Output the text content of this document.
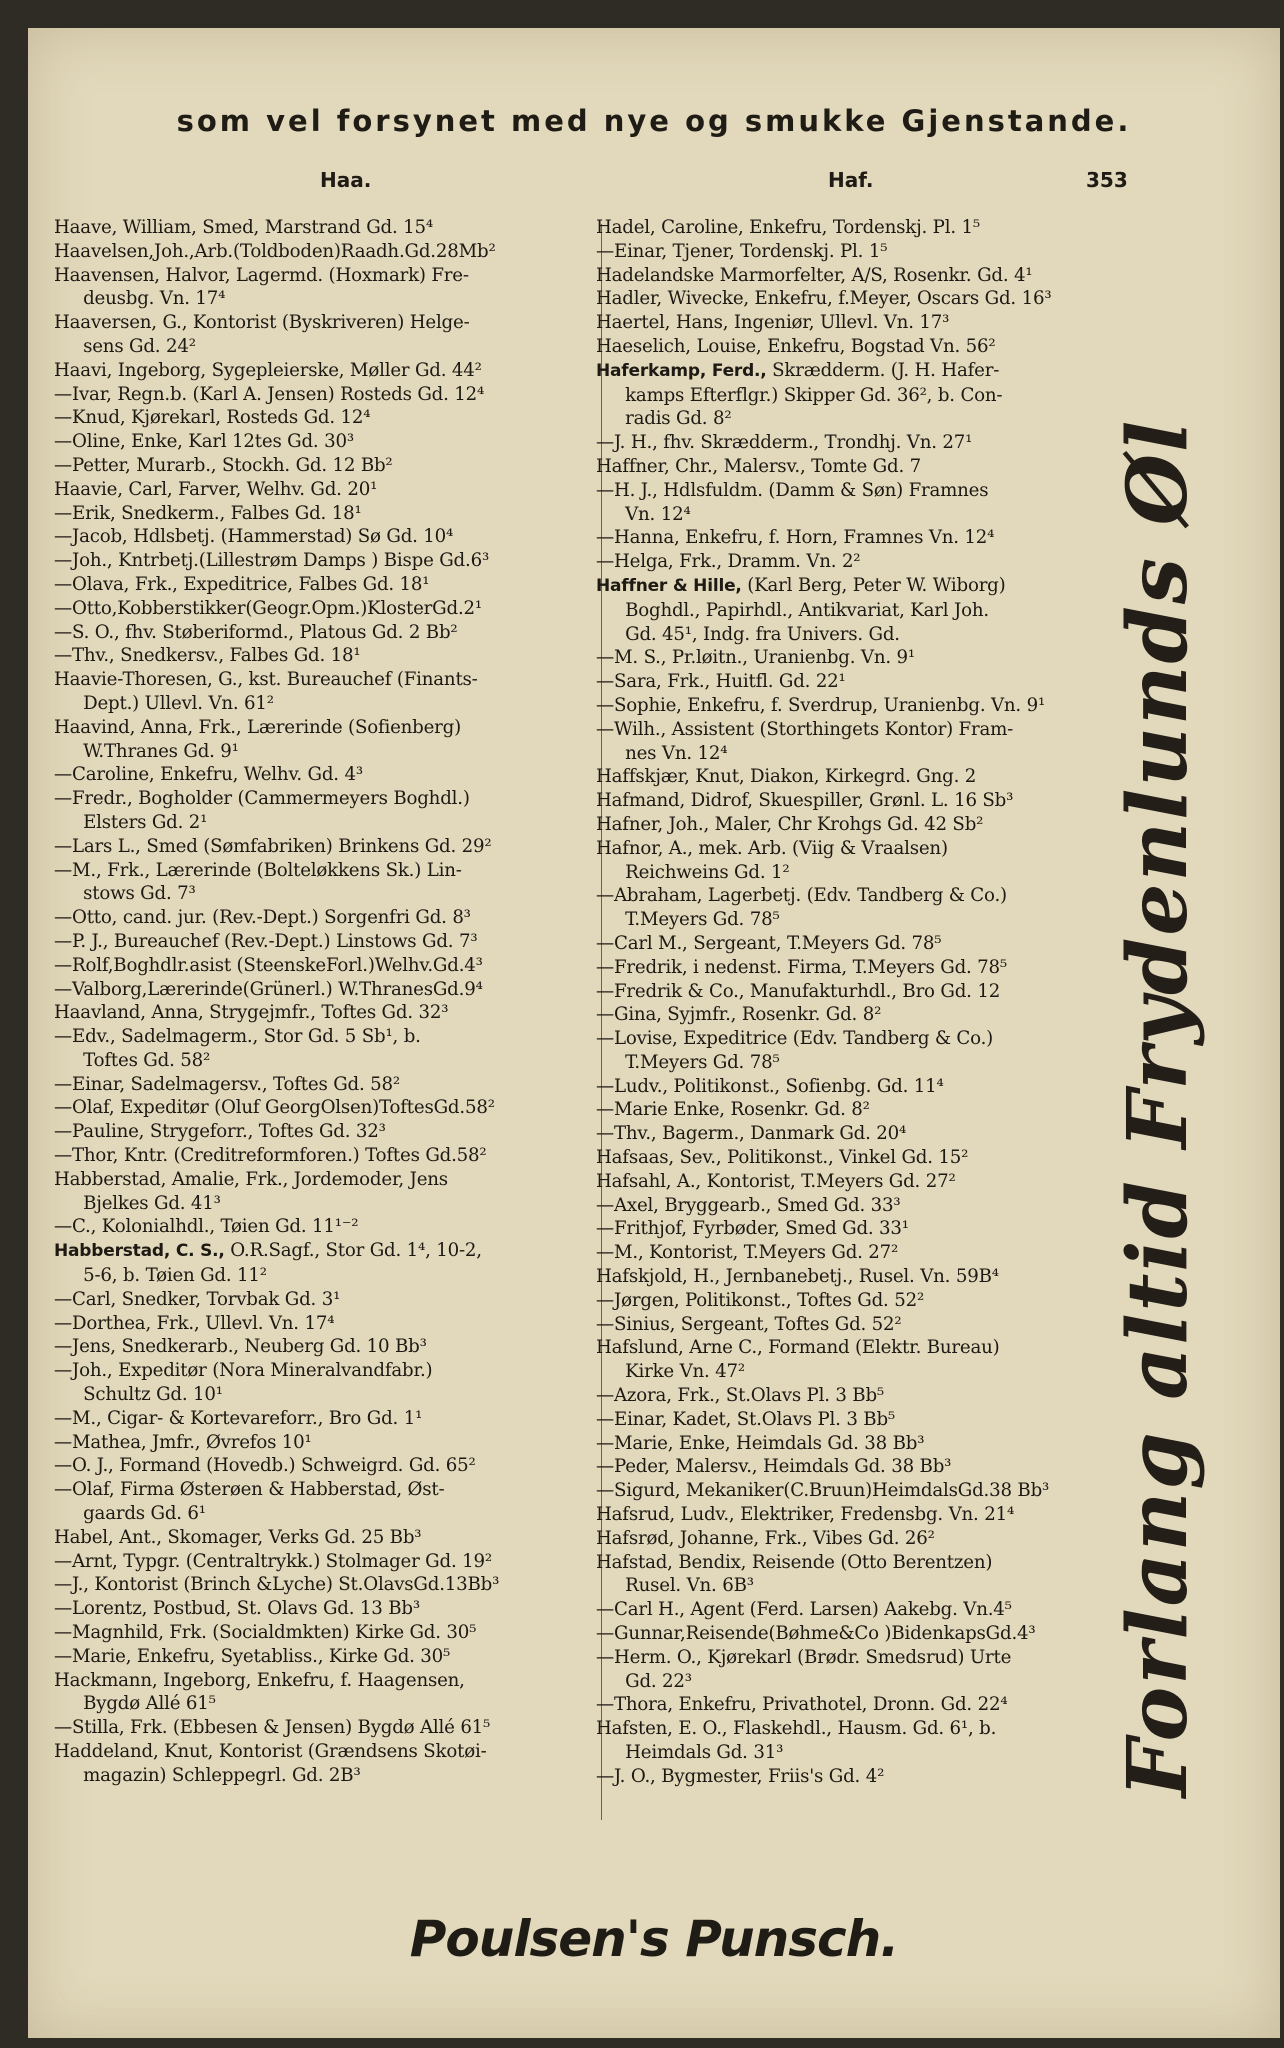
som vel forsynet med nye og smukke Gjenstande.
Haa.	Haf.	353
Haave, William, Smed, Marstrand Gd. 15⁴
Haavelsen,Joh.,Arb.(Toldboden)Raadh.Gd.28Mb²
Haavensen, Halvor, Lagermd. (Hoxmark) Fre-
deusbg. Vn. 17⁴
Haaversen, G., Kontorist (Byskriveren) Helge-
sens Gd. 24²
Haavi, Ingeborg, Sygepleierske, Møller Gd. 44²
—Ivar, Regn.b. (Karl A. Jensen) Rosteds Gd. 12⁴
—Knud, Kjørekarl, Rosteds Gd. 12⁴
—Oline, Enke, Karl 12tes Gd. 30³
—Petter, Murarb., Stockh. Gd. 12 Bb²
Haavie, Carl, Farver, Welhv. Gd. 20¹
—Erik, Snedkerm., Falbes Gd. 18¹
—Jacob, Hdlsbetj. (Hammerstad) Sø Gd. 10⁴
—Joh., Kntrbetj.(Lillestrøm Damps ) Bispe Gd.6³
—Olava, Frk., Expeditrice, Falbes Gd. 18¹
—Otto,Kobberstikker(Geogr.Opm.)KlosterGd.2¹
—S. O., fhv. Støberiformd., Platous Gd. 2 Bb²
—Thv., Snedkersv., Falbes Gd. 18¹
Haavie-Thoresen, G., kst. Bureauchef (Finants-
Dept.) Ullevl. Vn. 61²
Haavind, Anna, Frk., Lærerinde (Sofienberg)
W.Thranes Gd. 9¹
—Caroline, Enkefru, Welhv. Gd. 4³
—Fredr., Bogholder (Cammermeyers Boghdl.)
Elsters Gd. 2¹
—Lars L., Smed (Sømfabriken) Brinkens Gd. 29²
—M., Frk., Lærerinde (Bolteløkkens Sk.) Lin-
stows Gd. 7³
—Otto, cand. jur. (Rev.-Dept.) Sorgenfri Gd. 8³
—P. J., Bureauchef (Rev.-Dept.) Linstows Gd. 7³
—Rolf,Boghdlr.asist (SteenskeForl.)Welhv.Gd.4³
—Valborg,Lærerinde(Grünerl.) W.ThranesGd.9⁴
Haavland, Anna, Strygejmfr., Toftes Gd. 32³
—Edv., Sadelmagerm., Stor Gd. 5 Sb¹, b.
Toftes Gd. 58²
—Einar, Sadelmagersv., Toftes Gd. 58²
—Olaf, Expeditør (Oluf GeorgOlsen)ToftesGd.58²
—Pauline, Strygeforr., Toftes Gd. 32³
—Thor, Kntr. (Creditreformforen.) Toftes Gd.58²
Habberstad, Amalie, Frk., Jordemoder, Jens
Bjelkes Gd. 41³
—C., Kolonialhdl., Tøien Gd. 11¹⁻²
Habberstad, C. S., O.R.Sagf., Stor Gd. 1⁴, 10-2,
5-6, b. Tøien Gd. 11²
—Carl, Snedker, Torvbak Gd. 3¹
—Dorthea, Frk., Ullevl. Vn. 17⁴
—Jens, Snedkerarb., Neuberg Gd. 10 Bb³
—Joh., Expeditør (Nora Mineralvandfabr.)
Schultz Gd. 10¹
—M., Cigar- & Kortevareforr., Bro Gd. 1¹
—Mathea, Jmfr., Øvrefos 10¹
—O. J., Formand (Hovedb.) Schweigrd. Gd. 65²
—Olaf, Firma Østerøen & Habberstad, Øst-
gaards Gd. 6¹
Habel, Ant., Skomager, Verks Gd. 25 Bb³
—Arnt, Typgr. (Centraltrykk.) Stolmager Gd. 19²
—J., Kontorist (Brinch &Lyche) St.OlavsGd.13Bb³
—Lorentz, Postbud, St. Olavs Gd. 13 Bb³
—Magnhild, Frk. (Socialdmkten) Kirke Gd. 30⁵
—Marie, Enkefru, Syetabliss., Kirke Gd. 30⁵
Hackmann, Ingeborg, Enkefru, f. Haagensen,
Bygdø Allé 61⁵
—Stilla, Frk. (Ebbesen & Jensen) Bygdø Allé 61⁵
Haddeland, Knut, Kontorist (Grændsens Skotøi-
magazin) Schleppegrl. Gd. 2B³
Hadel, Caroline, Enkefru, Tordenskj. Pl. 1⁵
—Einar, Tjener, Tordenskj. Pl. 1⁵
Hadelandske Marmorfelter, A/S, Rosenkr. Gd. 4¹
Hadler, Wivecke, Enkefru, f.Meyer, Oscars Gd. 16³
Haertel, Hans, Ingeniør, Ullevl. Vn. 17³
Haeselich, Louise, Enkefru, Bogstad Vn. 56²
Haferkamp, Ferd., Skrædderm. (J. H. Hafer-
kamps Efterflgr.) Skipper Gd. 36², b. Con-
radis Gd. 8²
—J. H., fhv. Skrædderm., Trondhj. Vn. 27¹
Haffner, Chr., Malersv., Tomte Gd. 7
—H. J., Hdlsfuldm. (Damm & Søn) Framnes
Vn. 12⁴
—Hanna, Enkefru, f. Horn, Framnes Vn. 12⁴
—Helga, Frk., Dramm. Vn. 2²
Haffner & Hille, (Karl Berg, Peter W. Wiborg)
Boghdl., Papirhdl., Antikvariat, Karl Joh.
Gd. 45¹, Indg. fra Univers. Gd.
—M. S., Pr.løitn., Uranienbg. Vn. 9¹
—Sara, Frk., Huitfl. Gd. 22¹
—Sophie, Enkefru, f. Sverdrup, Uranienbg. Vn. 9¹
—Wilh., Assistent (Storthingets Kontor) Fram-
nes Vn. 12⁴
Haffskjær, Knut, Diakon, Kirkegrd. Gng. 2
Hafmand, Didrof, Skuespiller, Grønl. L. 16 Sb³
Hafner, Joh., Maler, Chr Krohgs Gd. 42 Sb²
Hafnor, A., mek. Arb. (Viig & Vraalsen)
Reichweins Gd. 1²
—Abraham, Lagerbetj. (Edv. Tandberg & Co.)
T.Meyers Gd. 78⁵
—Carl M., Sergeant, T.Meyers Gd. 78⁵
—Fredrik, i nedenst. Firma, T.Meyers Gd. 78⁵
—Fredrik & Co., Manufakturhdl., Bro Gd. 12
—Gina, Syjmfr., Rosenkr. Gd. 8²
—Lovise, Expeditrice (Edv. Tandberg & Co.)
T.Meyers Gd. 78⁵
—Ludv., Politikonst., Sofienbg. Gd. 11⁴
—Marie Enke, Rosenkr. Gd. 8²
—Thv., Bagerm., Danmark Gd. 20⁴
Hafsaas, Sev., Politikonst., Vinkel Gd. 15²
Hafsahl, A., Kontorist, T.Meyers Gd. 27²
—Axel, Bryggearb., Smed Gd. 33³
—Frithjof, Fyrbøder, Smed Gd. 33¹
—M., Kontorist, T.Meyers Gd. 27²
Hafskjold, H., Jernbanebetj., Rusel. Vn. 59B⁴
—Jørgen, Politikonst., Toftes Gd. 52²
—Sinius, Sergeant, Toftes Gd. 52²
Hafslund, Arne C., Formand (Elektr. Bureau)
Kirke Vn. 47²
—Azora, Frk., St.Olavs Pl. 3 Bb⁵
—Einar, Kadet, St.Olavs Pl. 3 Bb⁵
—Marie, Enke, Heimdals Gd. 38 Bb³
—Peder, Malersv., Heimdals Gd. 38 Bb³
—Sigurd, Mekaniker(C.Bruun)HeimdalsGd.38 Bb³
Hafsrud, Ludv., Elektriker, Fredensbg. Vn. 21⁴
Hafsrød, Johanne, Frk., Vibes Gd. 26²
Hafstad, Bendix, Reisende (Otto Berentzen)
Rusel. Vn. 6B³
—Carl H., Agent (Ferd. Larsen) Aakebg. Vn.4⁵
—Gunnar,Reisende(Bøhme&Co )BidenkapsGd.4³
—Herm. O., Kjørekarl (Brødr. Smedsrud) Urte
Gd. 22³
—Thora, Enkefru, Privathotel, Dronn. Gd. 22⁴
Hafsten, E. O., Flaskehdl., Hausm. Gd. 6¹, b.
Heimdals Gd. 31³
—J. O., Bygmester, Friis's Gd. 4²	Forlang altid Frydenlunds Øl
Poulsen's Punsch.
